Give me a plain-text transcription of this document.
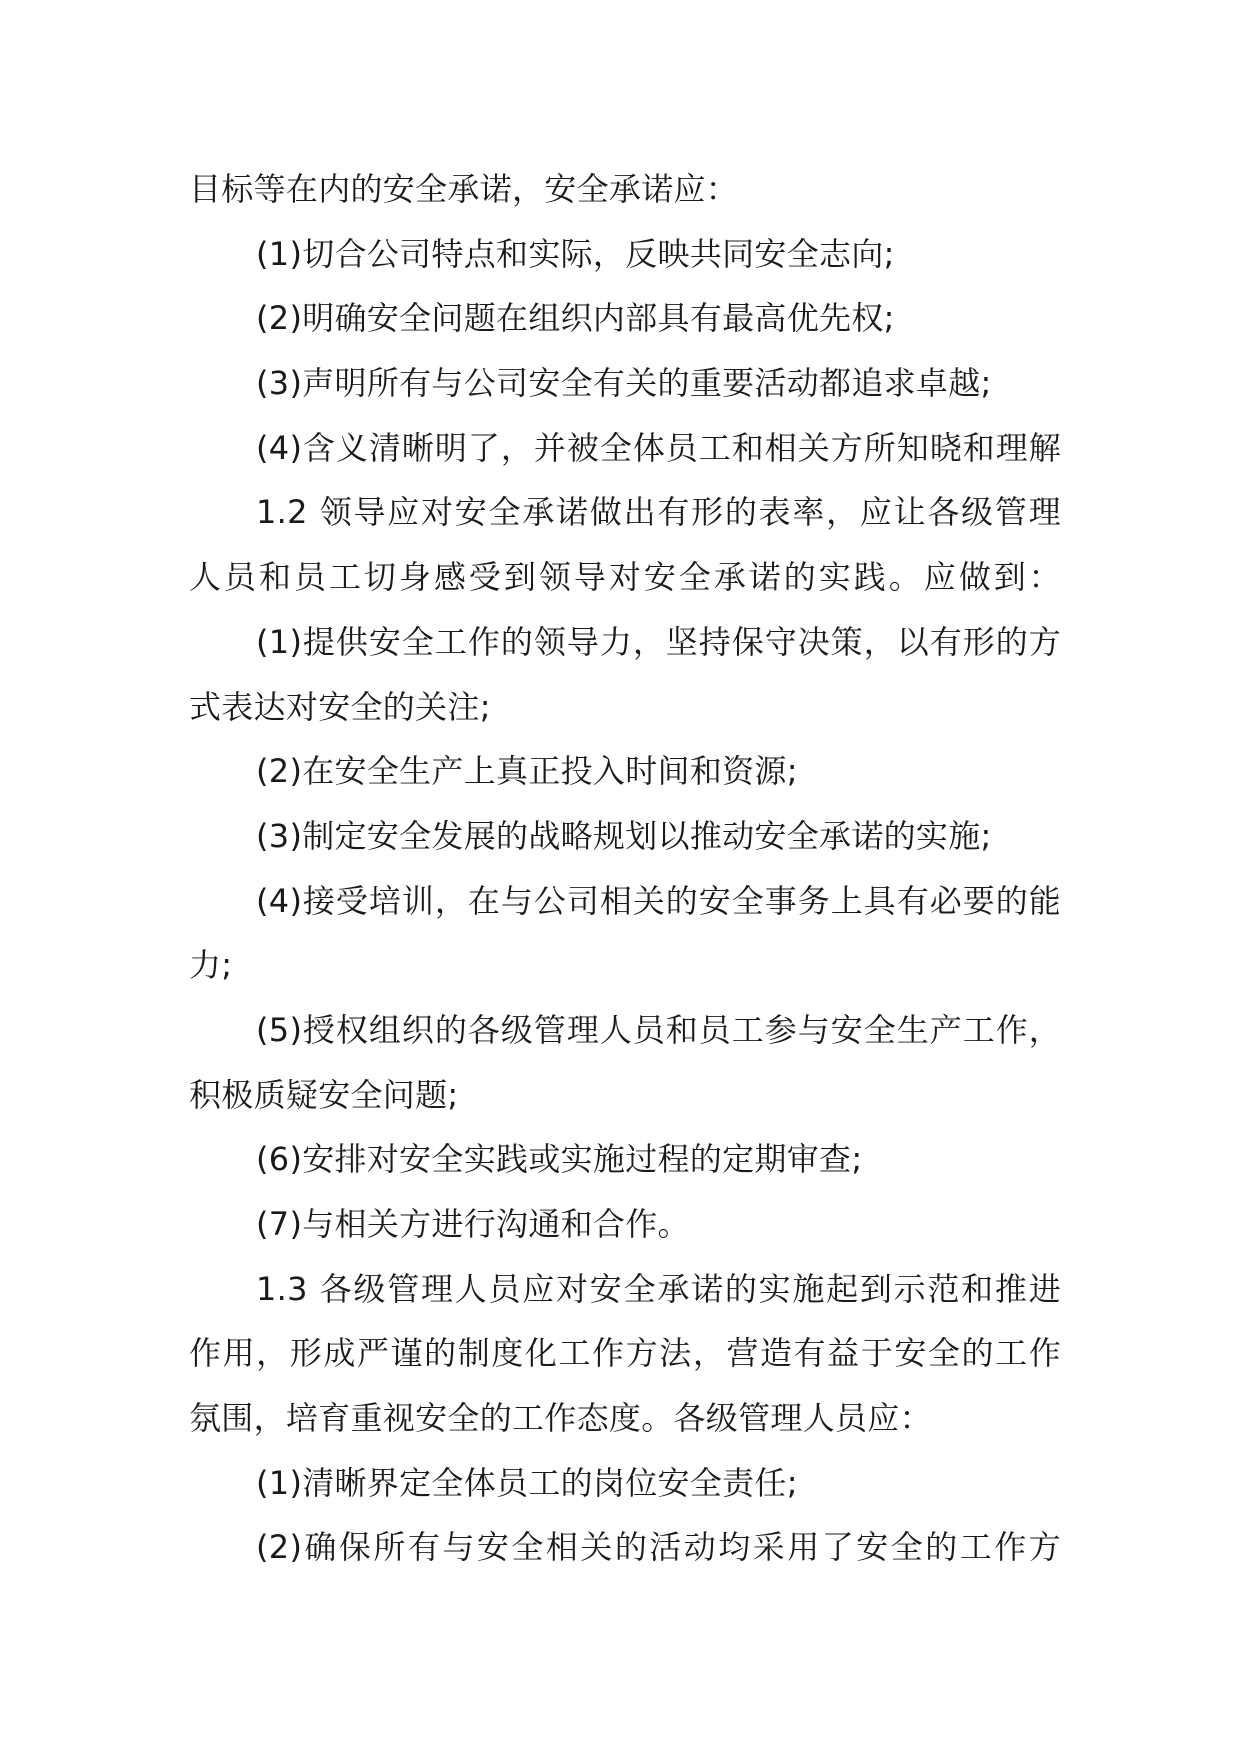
目标等在内的安全承诺，安全承诺应：
(1)切合公司特点和实际，反映共同安全志向;
(2)明确安全问题在组织内部具有最高优先权;
(3)声明所有与公司安全有关的重要活动都追求卓越;
(4)含义清晰明了，并被全体员工和相关方所知晓和理解
1.2 领导应对安全承诺做出有形的表率，应让各级管理
人员和员工切身感受到领导对安全承诺的实践。应做到：
(1)提供安全工作的领导力，坚持保守决策，以有形的方
式表达对安全的关注;
(2)在安全生产上真正投入时间和资源;
(3)制定安全发展的战略规划以推动安全承诺的实施;
(4)接受培训，在与公司相关的安全事务上具有必要的能
力;
(5)授权组织的各级管理人员和员工参与安全生产工作，
积极质疑安全问题;
(6)安排对安全实践或实施过程的定期审查;
(7)与相关方进行沟通和合作。
1.3 各级管理人员应对安全承诺的实施起到示范和推进
作用，形成严谨的制度化工作方法，营造有益于安全的工作
氛围，培育重视安全的工作态度。各级管理人员应：
(1)清晰界定全体员工的岗位安全责任;
(2)确保所有与安全相关的活动均采用了安全的工作方
